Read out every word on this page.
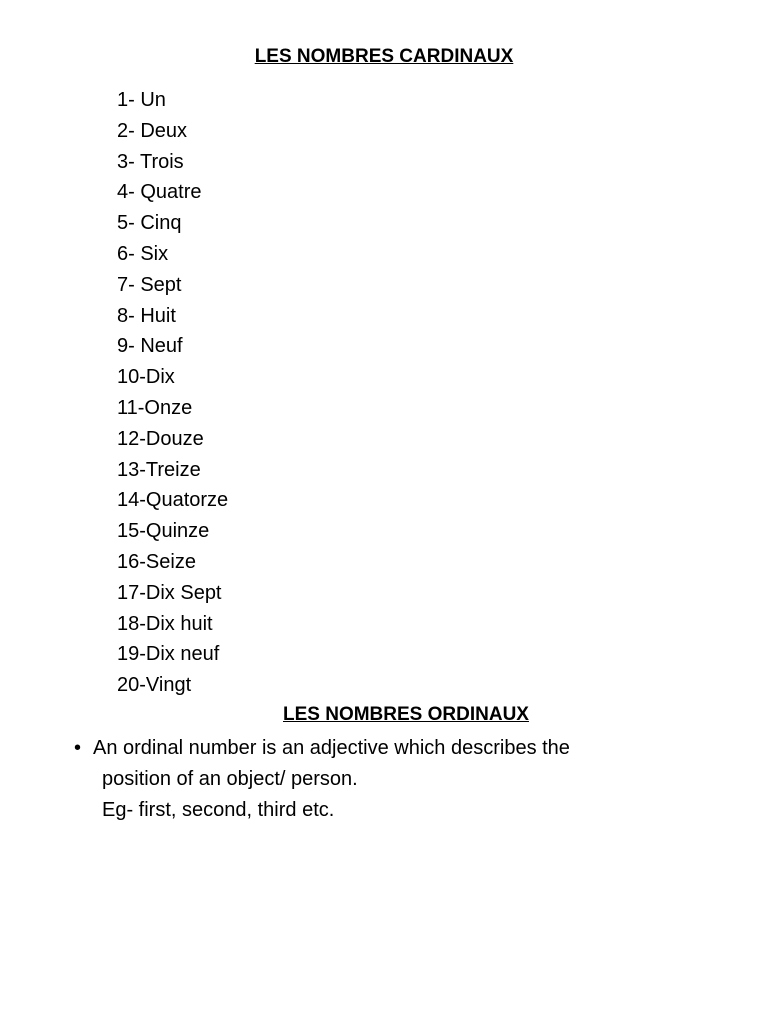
LES NOMBRES CARDINAUX
1- Un
2- Deux
3- Trois
4- Quatre
5- Cinq
6- Six
7- Sept
8- Huit
9- Neuf
10-Dix
11-Onze
12-Douze
13-Treize
14-Quatorze
15-Quinze
16-Seize
17-Dix Sept
18-Dix huit
19-Dix neuf
20-Vingt
LES NOMBRES ORDINAUX
• An ordinal number is an adjective which describes the
position of an object/ person.
Eg- first, second, third etc.
